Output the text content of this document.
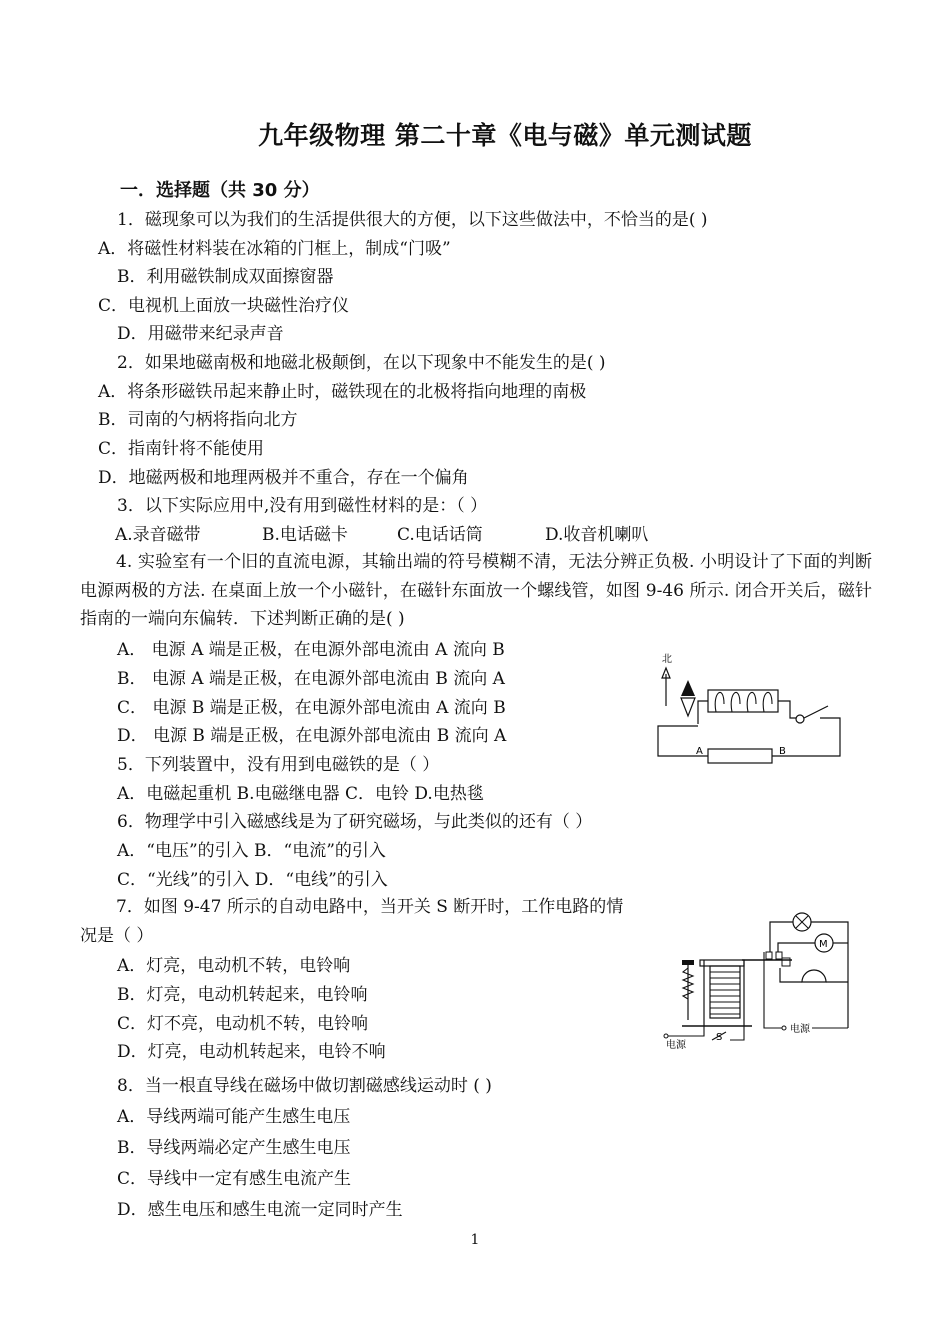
九年级物理 第二十章《电与磁》单元测试题
一．选择题（共 30 分）
1．磁现象可以为我们的生活提供很大的方便，以下这些做法中，不恰当的是( )
A．将磁性材料装在冰箱的门框上，制成“门吸”
B．利用磁铁制成双面擦窗器
C．电视机上面放一块磁性治疗仪
D．用磁带来纪录声音
2．如果地磁南极和地磁北极颠倒，在以下现象中不能发生的是( )
A．将条形磁铁吊起来静止时，磁铁现在的北极将指向地理的南极
B．司南的勺柄将指向北方
C．指南针将不能使用
D．地磁两极和地理两极并不重合，存在一个偏角
3．以下实际应用中,没有用到磁性材料的是：（ ）
A.录音磁带	B.电话磁卡	C.电话话筒	D.收音机喇叭
4. 实验室有一个旧的直流电源，其输出端的符号模糊不清，无法分辨正负极. 小明设计了下面的判断电源两极的方法. 在桌面上放一个小磁针，在磁针东面放一个螺线管，如图 9-46 所示. 闭合开关后，磁针指南的一端向东偏转．下述判断正确的是( )
A． 电源 A 端是正极，在电源外部电流由 A 流向 B
B． 电源 A 端是正极，在电源外部电流由 B 流向 A
C． 电源 B 端是正极，在电源外部电流由 A 流向 B
D． 电源 B 端是正极，在电源外部电流由 B 流向 A
北
A	B
5．下列装置中，没有用到电磁铁的是（ ）
A．电磁起重机 B.电磁继电器 C．电铃 D.电热毯
6．物理学中引入磁感线是为了研究磁场，与此类似的还有（ ）
A．“电压”的引入 B．“电流”的引入
C．“光线”的引入 D．“电线”的引入
7．如图 9-47 所示的自动电路中，当开关 S 断开时，工作电路的情况是（ ）
A．灯亮，电动机不转，电铃响
B．灯亮，电动机转起来，电铃响
C．灯不亮，电动机不转，电铃响
D．灯亮，电动机转起来，电铃不响
M
电源
S
电源
8．当一根直导线在磁场中做切割磁感线运动时 ( )
A．导线两端可能产生感生电压
B．导线两端必定产生感生电压
C．导线中一定有感生电流产生
D．感生电压和感生电流一定同时产生
1
